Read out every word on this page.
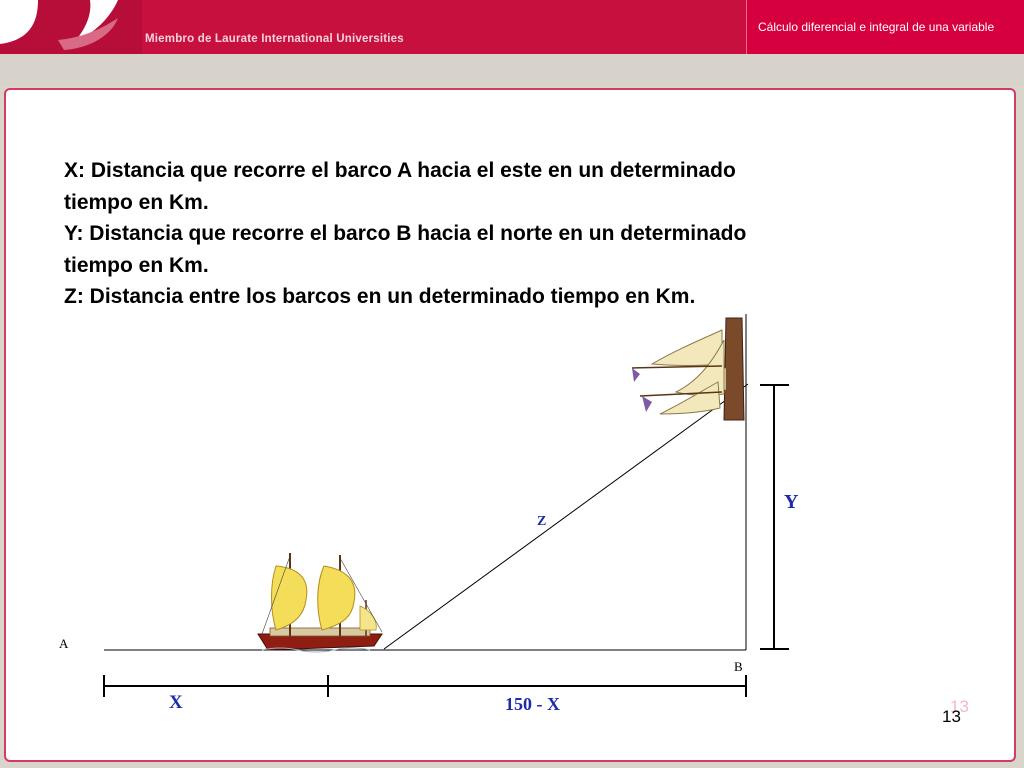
Miembro de Laurate International Universities
Cálculo diferencial e integral de una variable

X: Distancia que recorre el barco A hacia el este en un determinado tiempo en Km.

Y: Distancia que recorre el barco B hacia el norte en un determinado tiempo en Km.

Z: Distancia entre los barcos en un determinado tiempo en Km.

A
B
Z
Y
X	150 - X	13
13
